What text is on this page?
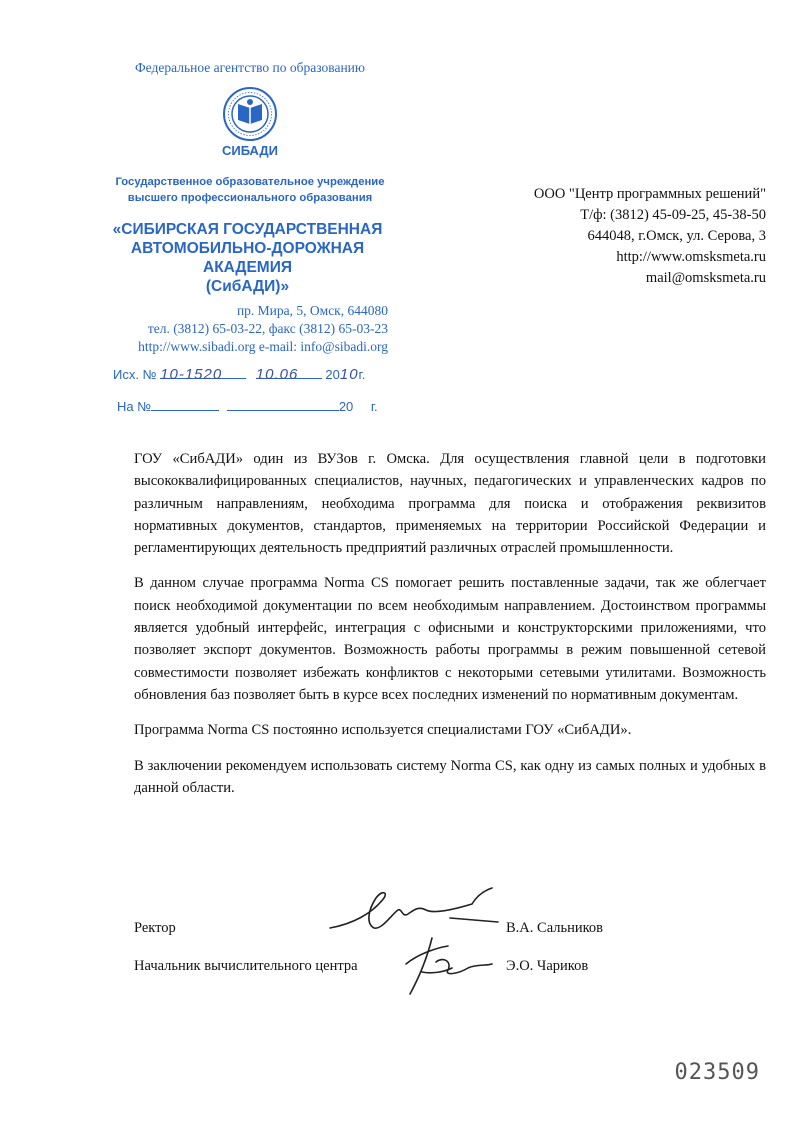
Федеральное агентство по образованию
СИБАДИ
Государственное образовательное учреждение
высшего профессионального образования
«СИБИРСКАЯ ГОСУДАРСТВЕННАЯ
АВТОМОБИЛЬНО-ДОРОЖНАЯ
АКАДЕМИЯ
(СибАДИ)»
пр. Мира, 5, Омск, 644080
тел. (3812) 65-03-22, факс (3812) 65-03-23
http://www.sibadi.org e-mail: info@sibadi.org
Исх. № 10-1520 10.06 2010г.
На №	20 г.
ООО "Центр программных решений"
Т/ф: (3812) 45-09-25, 45-38-50
644048, г.Омск, ул. Серова, 3
http://www.omsksmeta.ru
mail@omsksmeta.ru

ГОУ «СибАДИ» один из ВУЗов г. Омска. Для осуществления главной цели в подготовки высококвалифицированных специалистов, научных, педагогических и управленческих кадров по различным направлениям, необходима программа для поиска и отображения реквизитов нормативных документов, стандартов, применяемых на территории Российской Федерации и регламентирующих деятельность предприятий различных отраслей промышленности.

В данном случае программа Norma CS помогает решить поставленные задачи, так же облегчает поиск необходимой документации по всем необходимым направлением. Достоинством программы является удобный интерфейс, интеграция с офисными и конструкторскими приложениями, что позволяет экспорт документов. Возможность работы программы в режим повышенной сетевой совместимости позволяет избежать конфликтов с некоторыми сетевыми утилитами. Возможность обновления баз позволяет быть в курсе всех последних изменений по нормативным документам.

Программа Norma CS постоянно используется специалистами ГОУ «СибАДИ».

В заключении рекомендуем использовать систему Norma CS, как одну из самых полных и удобных в данной области.

Ректор	В.А. Сальников
Начальник вычислительного центра	Э.О. Чариков
023509
